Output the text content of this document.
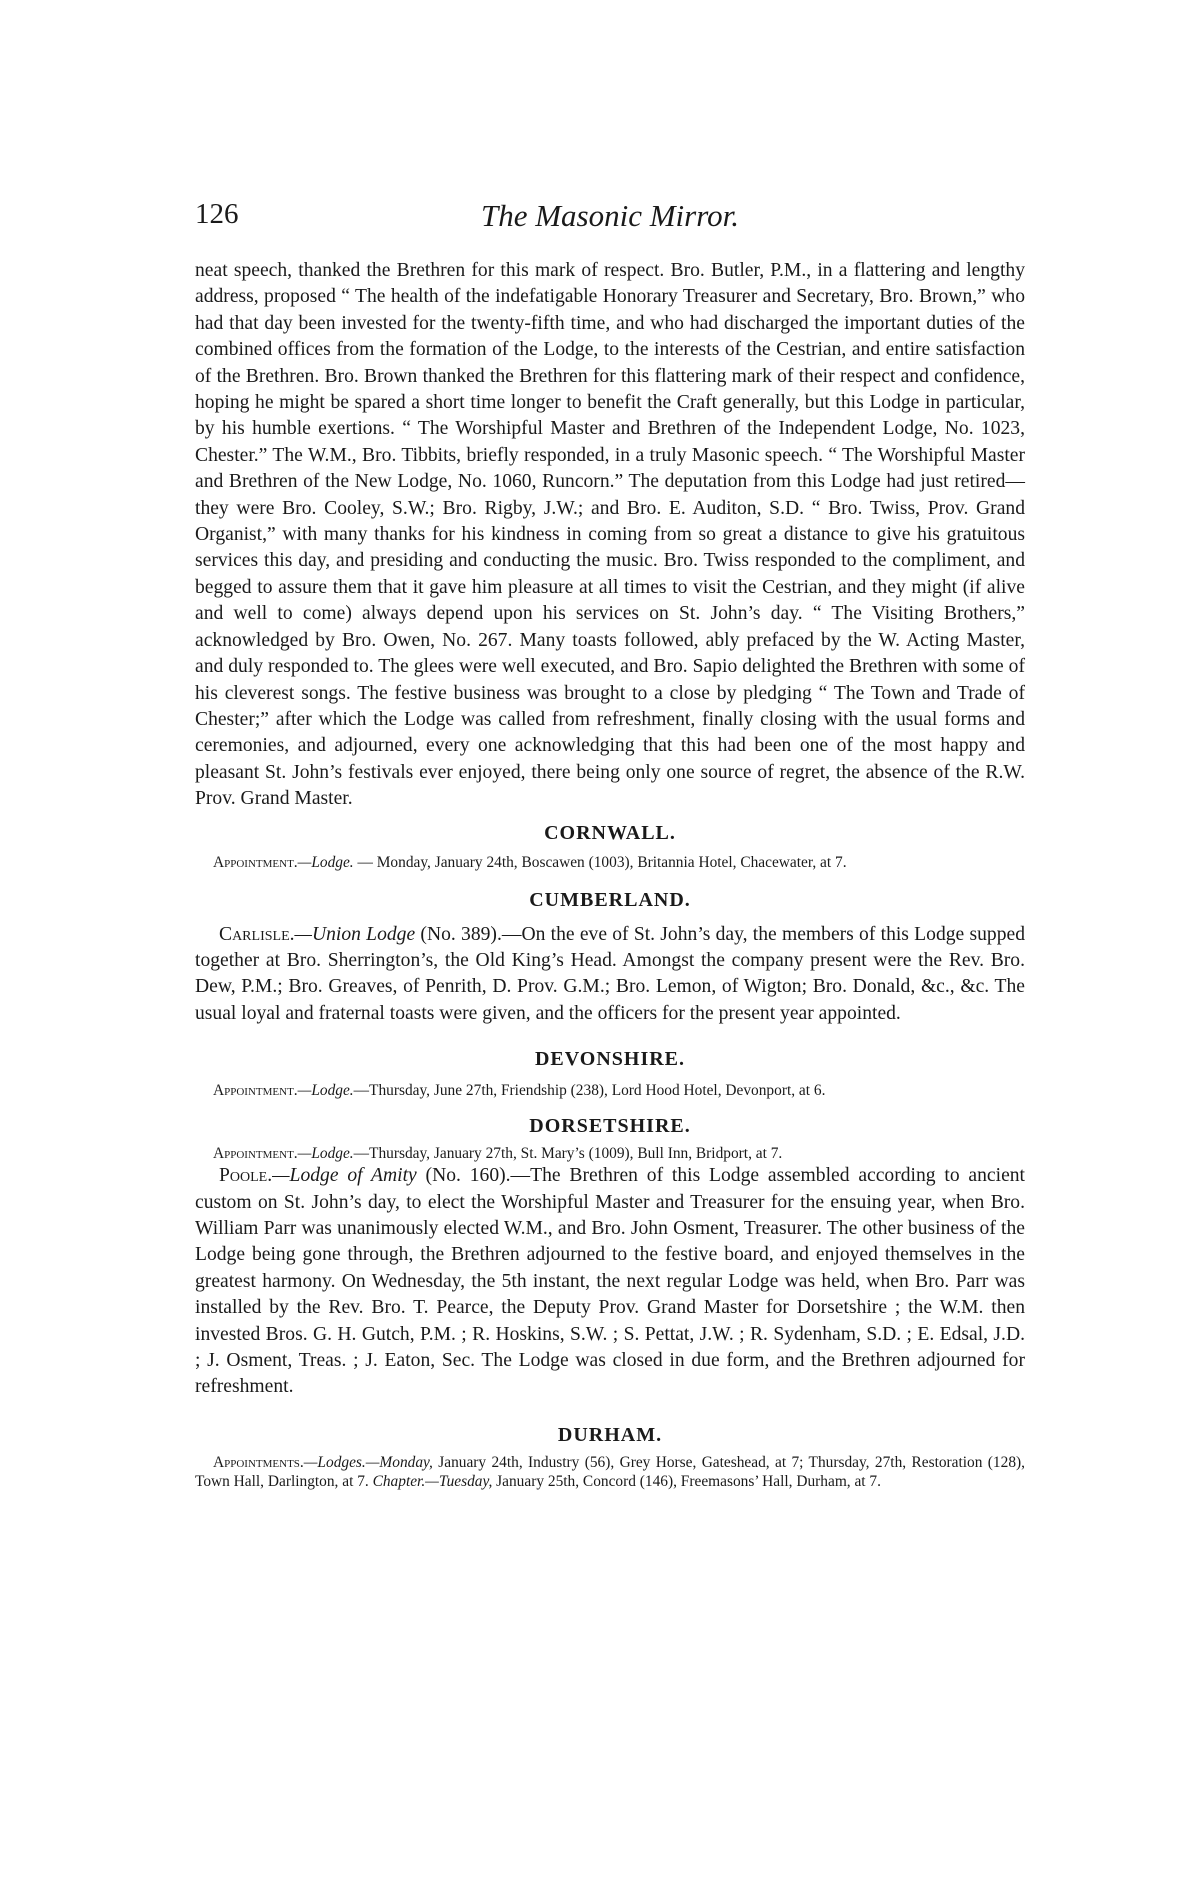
126	The Masonic Mirror.

neat speech, thanked the Brethren for this mark of respect. Bro. Butler, P.M., in a flattering and lengthy address, proposed “ The health of the indefatigable Honorary Treasurer and Secretary, Bro. Brown,” who had that day been invested for the twenty-fifth time, and who had discharged the important duties of the combined offices from the formation of the Lodge, to the interests of the Cestrian, and entire satisfaction of the Brethren. Bro. Brown thanked the Brethren for this flattering mark of their respect and confidence, hoping he might be spared a short time longer to benefit the Craft generally, but this Lodge in particular, by his humble exertions. “ The Worshipful Master and Brethren of the Independent Lodge, No. 1023, Chester.” The W.M., Bro. Tibbits, briefly responded, in a truly Masonic speech. “ The Worshipful Master and Brethren of the New Lodge, No. 1060, Runcorn.” The deputation from this Lodge had just retired—they were Bro. Cooley, S.W.; Bro. Rigby, J.W.; and Bro. E. Auditon, S.D. “ Bro. Twiss, Prov. Grand Organist,” with many thanks for his kindness in coming from so great a distance to give his gratuitous services this day, and presiding and conducting the music. Bro. Twiss responded to the compliment, and begged to assure them that it gave him pleasure at all times to visit the Cestrian, and they might (if alive and well to come) always depend upon his services on St. John’s day. “ The Visiting Brothers,” acknowledged by Bro. Owen, No. 267. Many toasts followed, ably prefaced by the W. Acting Master, and duly responded to. The glees were well executed, and Bro. Sapio delighted the Brethren with some of his cleverest songs. The festive business was brought to a close by pledging “ The Town and Trade of Chester;” after which the Lodge was called from refreshment, finally closing with the usual forms and ceremonies, and adjourned, every one acknowledging that this had been one of the most happy and pleasant St. John’s festivals ever enjoyed, there being only one source of regret, the absence of the R.W. Prov. Grand Master.

CORNWALL.

Appointment.—Lodge. — Monday, January 24th, Boscawen (1003), Britannia Hotel, Chacewater, at 7.

CUMBERLAND.

Carlisle.—Union Lodge (No. 389).—On the eve of St. John’s day, the members of this Lodge supped together at Bro. Sherrington’s, the Old King’s Head. Amongst the company present were the Rev. Bro. Dew, P.M.; Bro. Greaves, of Penrith, D. Prov. G.M.; Bro. Lemon, of Wigton; Bro. Donald, &c., &c. The usual loyal and fraternal toasts were given, and the officers for the present year appointed.

DEVONSHIRE.

Appointment.—Lodge.—Thursday, June 27th, Friendship (238), Lord Hood Hotel, Devonport, at 6.

DORSETSHIRE.

Appointment.—Lodge.—Thursday, January 27th, St. Mary’s (1009), Bull Inn, Bridport, at 7.

Poole.—Lodge of Amity (No. 160).—The Brethren of this Lodge assembled according to ancient custom on St. John’s day, to elect the Worshipful Master and Treasurer for the ensuing year, when Bro. William Parr was unanimously elected W.M., and Bro. John Osment, Treasurer. The other business of the Lodge being gone through, the Brethren adjourned to the festive board, and enjoyed themselves in the greatest harmony. On Wednesday, the 5th instant, the next regular Lodge was held, when Bro. Parr was installed by the Rev. Bro. T. Pearce, the Deputy Prov. Grand Master for Dorsetshire ; the W.M. then invested Bros. G. H. Gutch, P.M. ; R. Hoskins, S.W. ; S. Pettat, J.W. ; R. Sydenham, S.D. ; E. Edsal, J.D. ; J. Osment, Treas. ; J. Eaton, Sec. The Lodge was closed in due form, and the Brethren adjourned for refreshment.

DURHAM.

Appointments.—Lodges.—Monday, January 24th, Industry (56), Grey Horse, Gateshead, at 7; Thursday, 27th, Restoration (128), Town Hall, Darlington, at 7. Chapter.—Tuesday, January 25th, Concord (146), Freemasons’ Hall, Durham, at 7.
